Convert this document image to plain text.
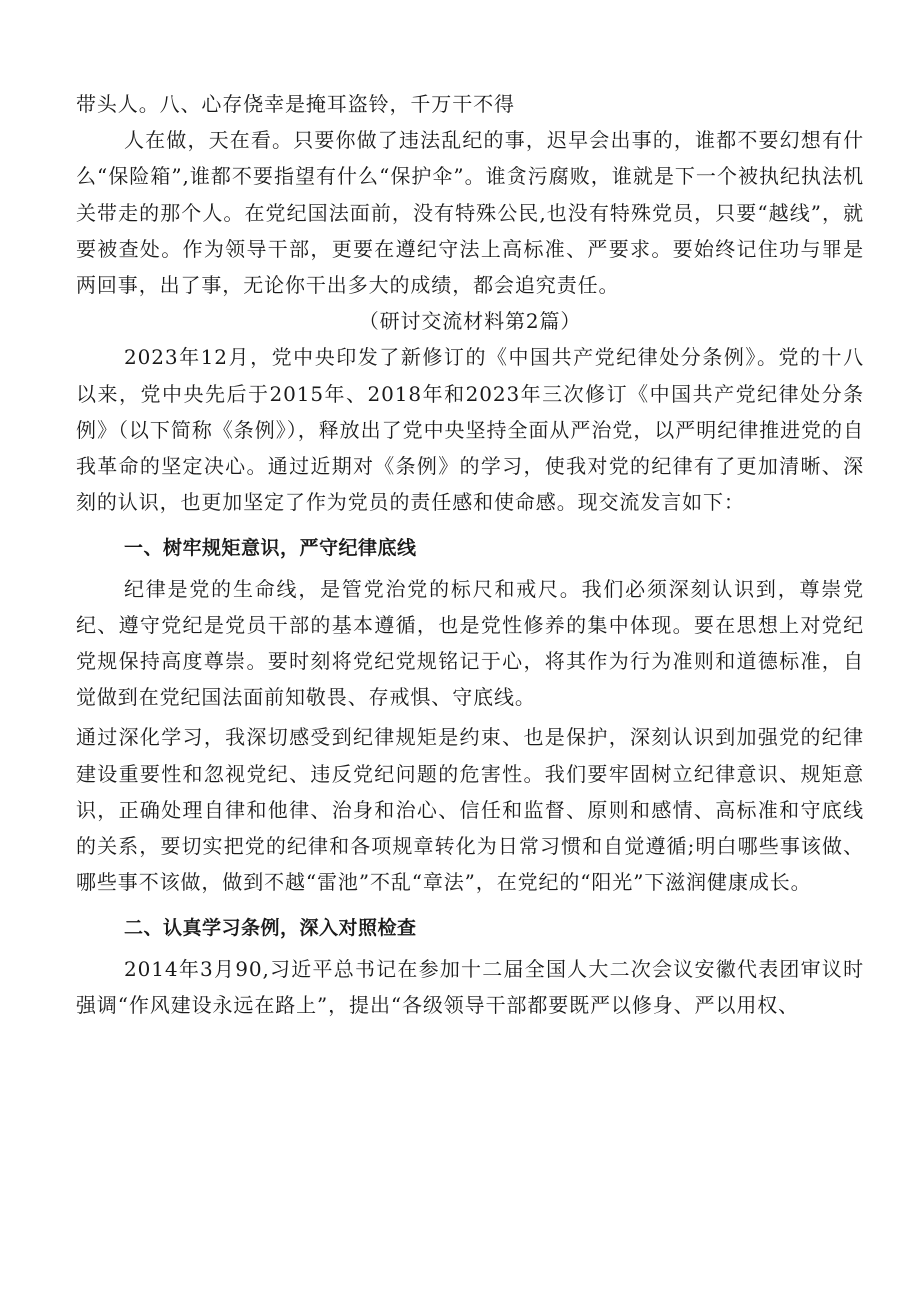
带头人。八、心存侥幸是掩耳盗铃，千万干不得

人在做，天在看。只要你做了违法乱纪的事，迟早会出事的，谁都不要幻想有什么“保险箱”,谁都不要指望有什么“保护伞”。谁贪污腐败，谁就是下一个被执纪执法机关带走的那个人。在党纪国法面前，没有特殊公民,也没有特殊党员，只要“越线”，就要被查处。作为领导干部，更要在遵纪守法上高标准、严要求。要始终记住功与罪是两回事，出了事，无论你干出多大的成绩，都会追究责任。

（研讨交流材料第2篇）

2023年12月，党中央印发了新修订的《中国共产党纪律处分条例》。党的十八以来，党中央先后于2015年、2018年和2023年三次修订《中国共产党纪律处分条例》（以下简称《条例》），释放出了党中央坚持全面从严治党，以严明纪律推进党的自我革命的坚定决心。通过近期对《条例》的学习，使我对党的纪律有了更加清晰、深刻的认识，也更加坚定了作为党员的责任感和使命感。现交流发言如下：

一、树牢规矩意识，严守纪律底线

纪律是党的生命线，是管党治党的标尺和戒尺。我们必须深刻认识到，尊崇党纪、遵守党纪是党员干部的基本遵循，也是党性修养的集中体现。要在思想上对党纪党规保持高度尊崇。要时刻将党纪党规铭记于心，将其作为行为准则和道德标准，自觉做到在党纪国法面前知敬畏、存戒惧、守底线。

通过深化学习，我深切感受到纪律规矩是约束、也是保护，深刻认识到加强党的纪律建设重要性和忽视党纪、违反党纪问题的危害性。我们要牢固树立纪律意识、规矩意识，正确处理自律和他律、治身和治心、信任和监督、原则和感情、高标准和守底线的关系，要切实把党的纪律和各项规章转化为日常习惯和自觉遵循;明白哪些事该做、哪些事不该做，做到不越“雷池”不乱“章法”，在党纪的“阳光”下滋润健康成长。

二、认真学习条例，深入对照检查

2014年3月90,习近平总书记在参加十二届全国人大二次会议安徽代表团审议时强调“作风建设永远在路上”，提出“各级领导干部都要既严以修身、严以用权、
